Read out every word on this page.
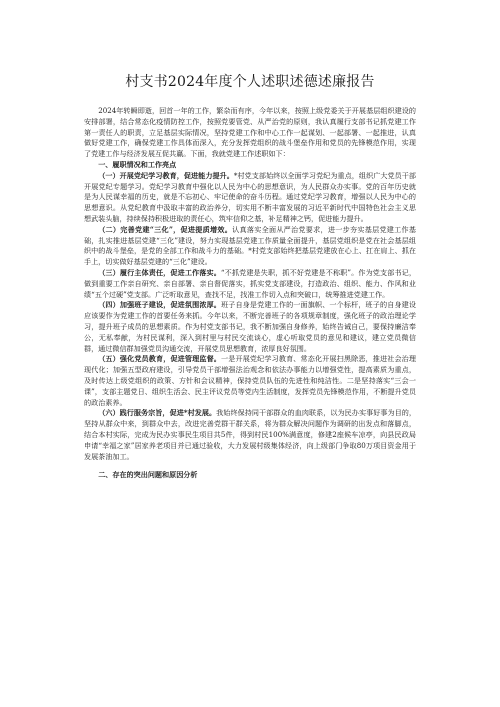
村支书2024年度个人述职述德述廉报告

2024年转瞬即逝，回首一年的工作，繁杂而有序，今年以来，按照上级党委关于开展基层组织建设的安排部署，结合常态化疫情防控工作，按照党要管党、从严治党的原则，我认真履行支部书记抓党建工作第一责任人的职责，立足基层实际情况，坚持党建工作和中心工作一起谋划、一起部署、一起推进，认真做好党建工作，确保党建工作具体而深入，充分发挥党组织的战斗堡垒作用和党员的先锋模范作用，实现了党建工作与经济发展互促共赢。下面，我就党建工作述职如下：

一、履职情况和工作亮点

（一）开展党纪学习教育，促进能力提升。*村党支部始终以全面学习党纪为重点，组织广大党员干部开展党纪专题学习。党纪学习教育中强化以人民为中心的思想意识，为人民群众办实事。党的百年历史就是为人民谋幸福的历史，就是不忘初心、牢记使命的奋斗历程。通过党纪学习教育，增强以人民为中心的思想意识。从党纪教育中汲取丰富的政治养分，切实用不断丰富发展的习近平新时代中国特色社会主义思想武装头脑，持续保持积极进取的责任心，筑牢信仰之基，补足精神之钙，促进能力提升。

（二）完善党建“三化”，促进提质增效。认真落实全面从严治党要求，进一步夯实基层党建工作基础，扎实推进基层党建“三化”建设，努力实现基层党建工作质量全面提升，基层党组织是党在社会基层组织中的战斗堡垒，是党的全部工作和战斗力的基础。*村党支部始终把基层党建放在心上、扛在肩上、抓在手上，切实做好基层党建的“三化”建设。

（三）履行主体责任，促进工作落实。“不抓党建是失职，抓不好党建是不称职”。作为党支部书记，做到重要工作亲自研究、亲自部署、亲自督促落实，抓实党支部建设，打造政治、组织、能力、作风和业绩“五个过硬”党支部。广泛听取意见，查找不足，找准工作切入点和突破口，统筹推进党建工作。

（四）加强班子建设，促进氛围浓厚。班子自身是党建工作的一面旗帜、一个标杆，班子的自身建设应该要作为党建工作的首要任务来抓。今年以来，不断完善班子的各项规章制度，强化班子的政治理论学习，提升班子成员的思想素质。作为村党支部书记，我不断加强自身修养，始终告诫自己，要保持廉洁奉公，无私奉献，为村民谋利，深入到村里与村民交流谈心，虚心听取党员的意见和建议，建立党员微信群，通过微信群加强党员沟通交流，开展党员思想教育，浓厚良好氛围。

（五）强化党员教育，促进管理监督。一是开展党纪学习教育、常态化开展扫黑除恶，推进社会治理现代化；加强五型政府建设，引导党员干部增强法治观念和依法办事能力以增强党性，提高素质为重点，及时传达上级党组织的政策、方针和会议精神，保持党员队伍的先进性和纯洁性。二是坚持落实“三会一课”，支部主题党日、组织生活会、民主评议党员等党内生活制度，发挥党员先锋模范作用，不断提升党员的政治素养。

（六）践行服务宗旨，促进*村发展。我始终保持同干部群众的血肉联系，以为民办实事好事为目的，坚持从群众中来，到群众中去，改进完善党群干群关系，将为群众解决问题作为调研的出发点和落脚点，结合本村实际，完成为民办实事民生项目共5件，得到村民100%满意度，修建2座候车凉亭，向县民政局申请“幸福之家”居家养老项目并已通过验收，大力发展村级集体经济，向上级部门争取80万项目资金用于发展茶油加工。

二、存在的突出问题和原因分析
